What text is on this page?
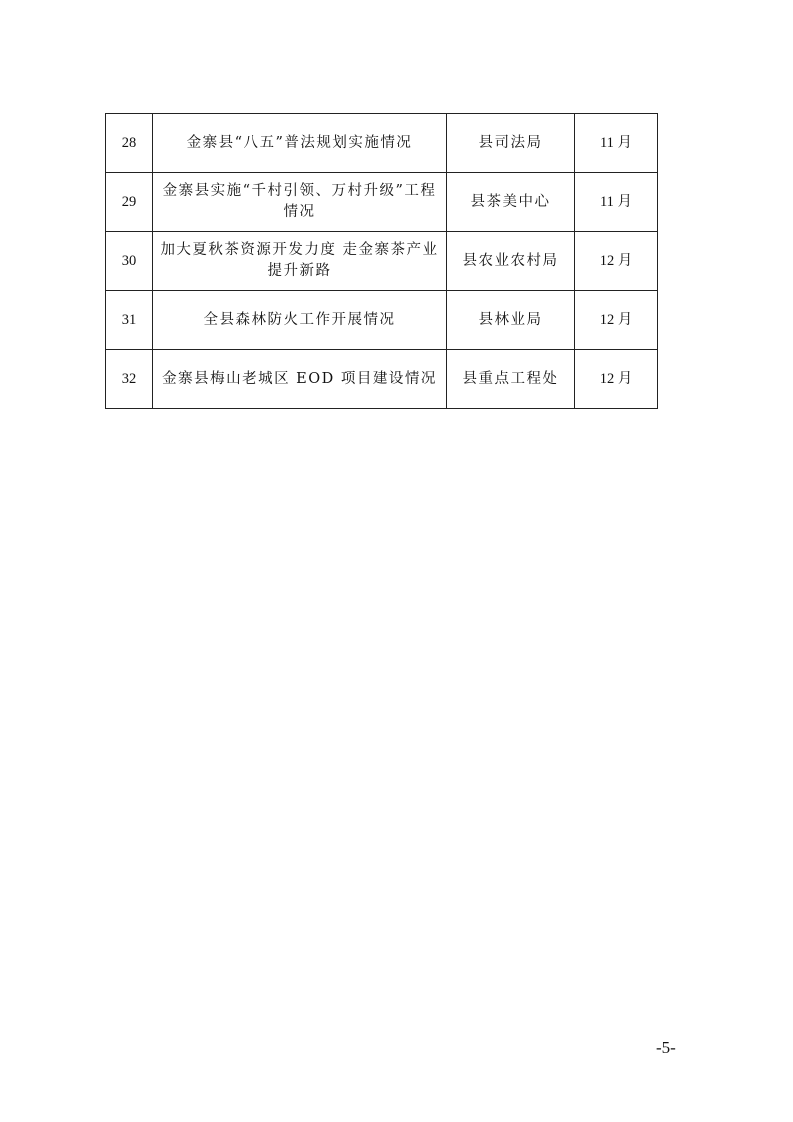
28	金寨县“八五”普法规划实施情况	县司法局	11 月
29	金寨县实施“千村引领、万村升级”工程情况	县茶美中心	11 月
30	加大夏秋茶资源开发力度 走金寨茶产业提升新路	县农业农村局	12 月
31	全县森林防火工作开展情况	县林业局	12 月
32	金寨县梅山老城区 EOD 项目建设情况	县重点工程处	12 月
-5-
